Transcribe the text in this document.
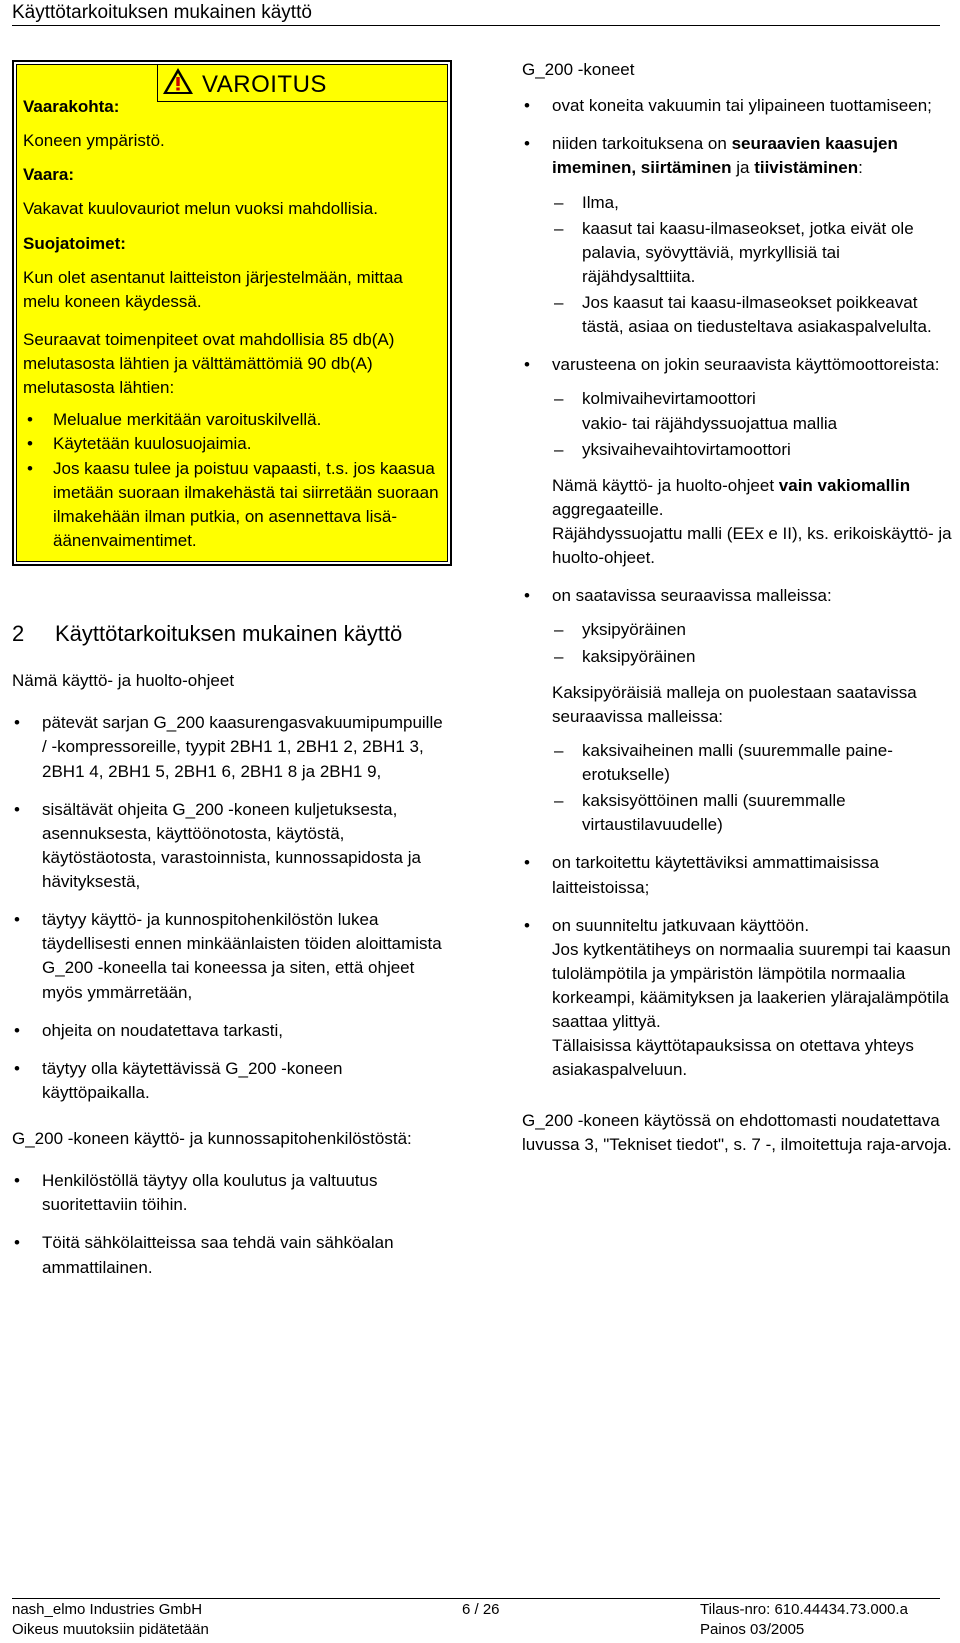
Käyttötarkoituksen mukainen käyttö
VAROITUS

Vaarakohta:

Koneen ympäristö.

Vaara:

Vakavat kuulovauriot melun vuoksi mahdollisia.

Suojatoimet:

Kun olet asentanut laitteiston järjestelmään, mittaa melu koneen käydessä.

Seuraavat toimenpiteet ovat mahdollisia 85 db(A) melutasosta lähtien ja välttämättömiä 90 db(A) melutasosta lähtien:

• Melualue merkitään varoituskilvellä.
• Käytetään kuulosuojaimia.
• Jos kaasu tulee ja poistuu vapaasti, t.s. jos kaasua imetään suoraan ilmakehästä tai siirretään suoraan ilmakehään ilman putkia, on asennettava lisä-äänenvaimentimet.
2	Käyttötarkoituksen mukainen käyttö

Nämä käyttö- ja huolto-ohjeet

• pätevät sarjan G_200 kaasurengasvakuumipumpuille / -kompressoreille, tyypit 2BH1 1, 2BH1 2, 2BH1 3, 2BH1 4, 2BH1 5, 2BH1 6, 2BH1 8 ja 2BH1 9,
• sisältävät ohjeita G_200 -koneen kuljetuksesta, asennuksesta, käyttöönotosta, käytöstä, käytöstäotosta, varastoinnista, kunnossapidosta ja hävityksestä,
• täytyy käyttö- ja kunnospitohenkilöstön lukea täydellisesti ennen minkäänlaisten töiden aloittamista G_200 -koneella tai koneessa ja siten, että ohjeet myös ymmärretään,
• ohjeita on noudatettava tarkasti,
• täytyy olla käytettävissä G_200 -koneen käyttöpaikalla.

G_200 -koneen käyttö- ja kunnossapitohenkilöstöstä:

• Henkilöstöllä täytyy olla koulutus ja valtuutus suoritettaviin töihin.
• Töitä sähkölaitteissa saa tehdä vain sähköalan ammattilainen.

G_200 -koneet

• ovat koneita vakuumin tai ylipaineen tuottamiseen;
• niiden tarkoituksena on seuraavien kaasujen imeminen, siirtäminen ja tiivistäminen:
– Ilma,
– kaasut tai kaasu-ilmaseokset, jotka eivät ole palavia, syövyttäviä, myrkyllisiä tai räjähdysalttiita.
– Jos kaasut tai kaasu-ilmaseokset poikkeavat tästä, asiaa on tiedusteltava asiakaspalvelulta.
• varusteena on jokin seuraavista käyttömoottoreista:
– kolmivaihevirtamoottori
vakio- tai räjähdyssuojattua mallia
– yksivaihevaihtovirtamoottori
Nämä käyttö- ja huolto-ohjeet vain vakiomallin aggregaateille.
Räjähdyssuojattu malli (EEx e II), ks. erikoiskäyttö- ja huolto-ohjeet.
• on saatavissa seuraavissa malleissa:
– yksipyöräinen
– kaksipyöräinen
Kaksipyöräisiä malleja on puolestaan saatavissa seuraavissa malleissa:
– kaksivaiheinen malli (suuremmalle paine-erotukselle)
– kaksisyöttöinen malli (suuremmalle virtaustilavuudelle)
• on tarkoitettu käytettäviksi ammattimaisissa laitteistoissa;
• on suunniteltu jatkuvaan käyttöön.
Jos kytkentätiheys on normaalia suurempi tai kaasun tulolämpötila ja ympäristön lämpötila normaalia korkeampi, käämityksen ja laakerien ylärajalämpötila saattaa ylittyä.
Tällaisissa käyttötapauksissa on otettava yhteys asiakaspalveluun.

G_200 -koneen käytössä on ehdottomasti noudatettava luvussa 3, "Tekniset tiedot", s. 7 -, ilmoitettuja raja-arvoja.

nash_elmo Industries GmbH
Oikeus muutoksiin pidätetään
6 / 26	Tilaus-nro: 610.44434.73.000.a
Painos 03/2005
